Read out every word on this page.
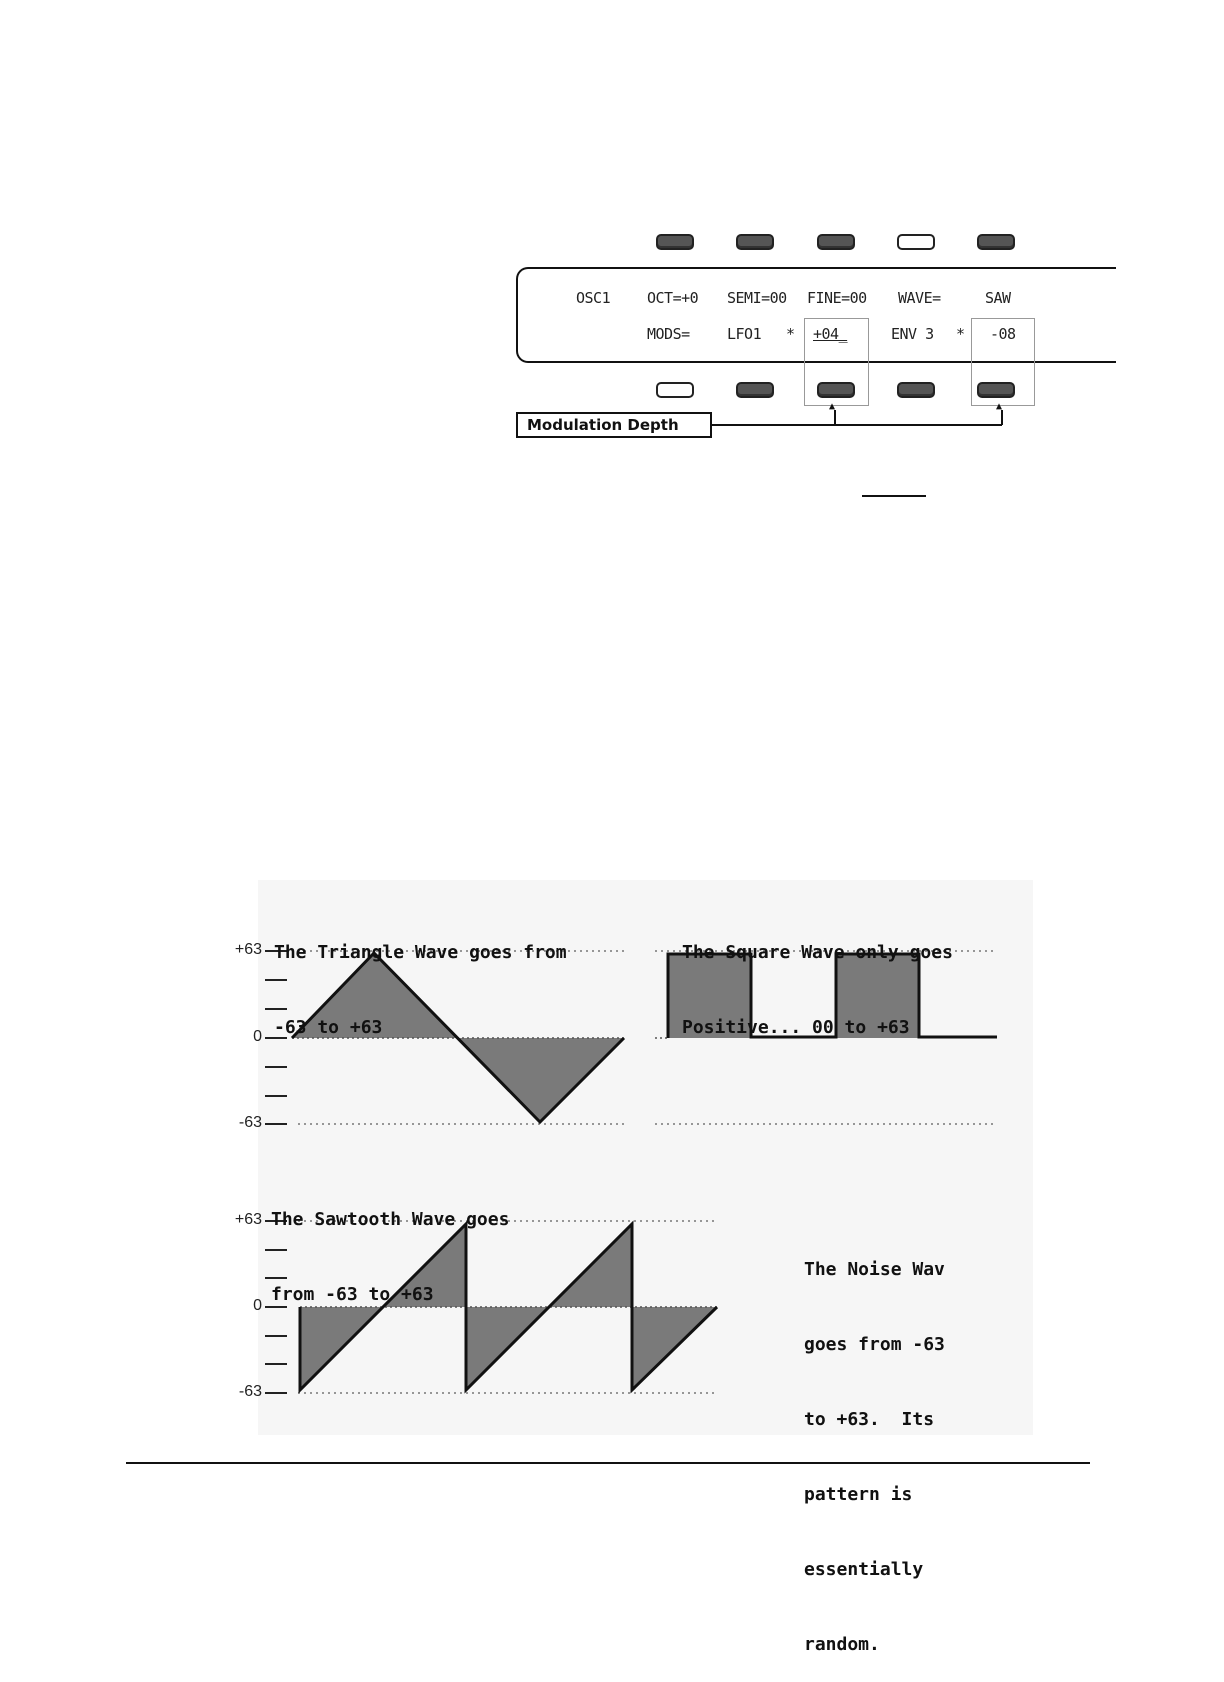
OSC1 OCT=+0 SEMI=00 FINE=00 WAVE=	SAW
MODS= LFO1 * +04_	ENV 3 * -08
Modulation Depth
▲	▲
+63
0
-63
+63
0
-63

The Triangle Wave goes from

-63 to +63

The Square Wave only goes

Positive... 00 to +63

The Sawtooth Wave goes

from -63 to +63

The Noise Wav

goes from -63

to +63.  Its

pattern is

essentially

random.
